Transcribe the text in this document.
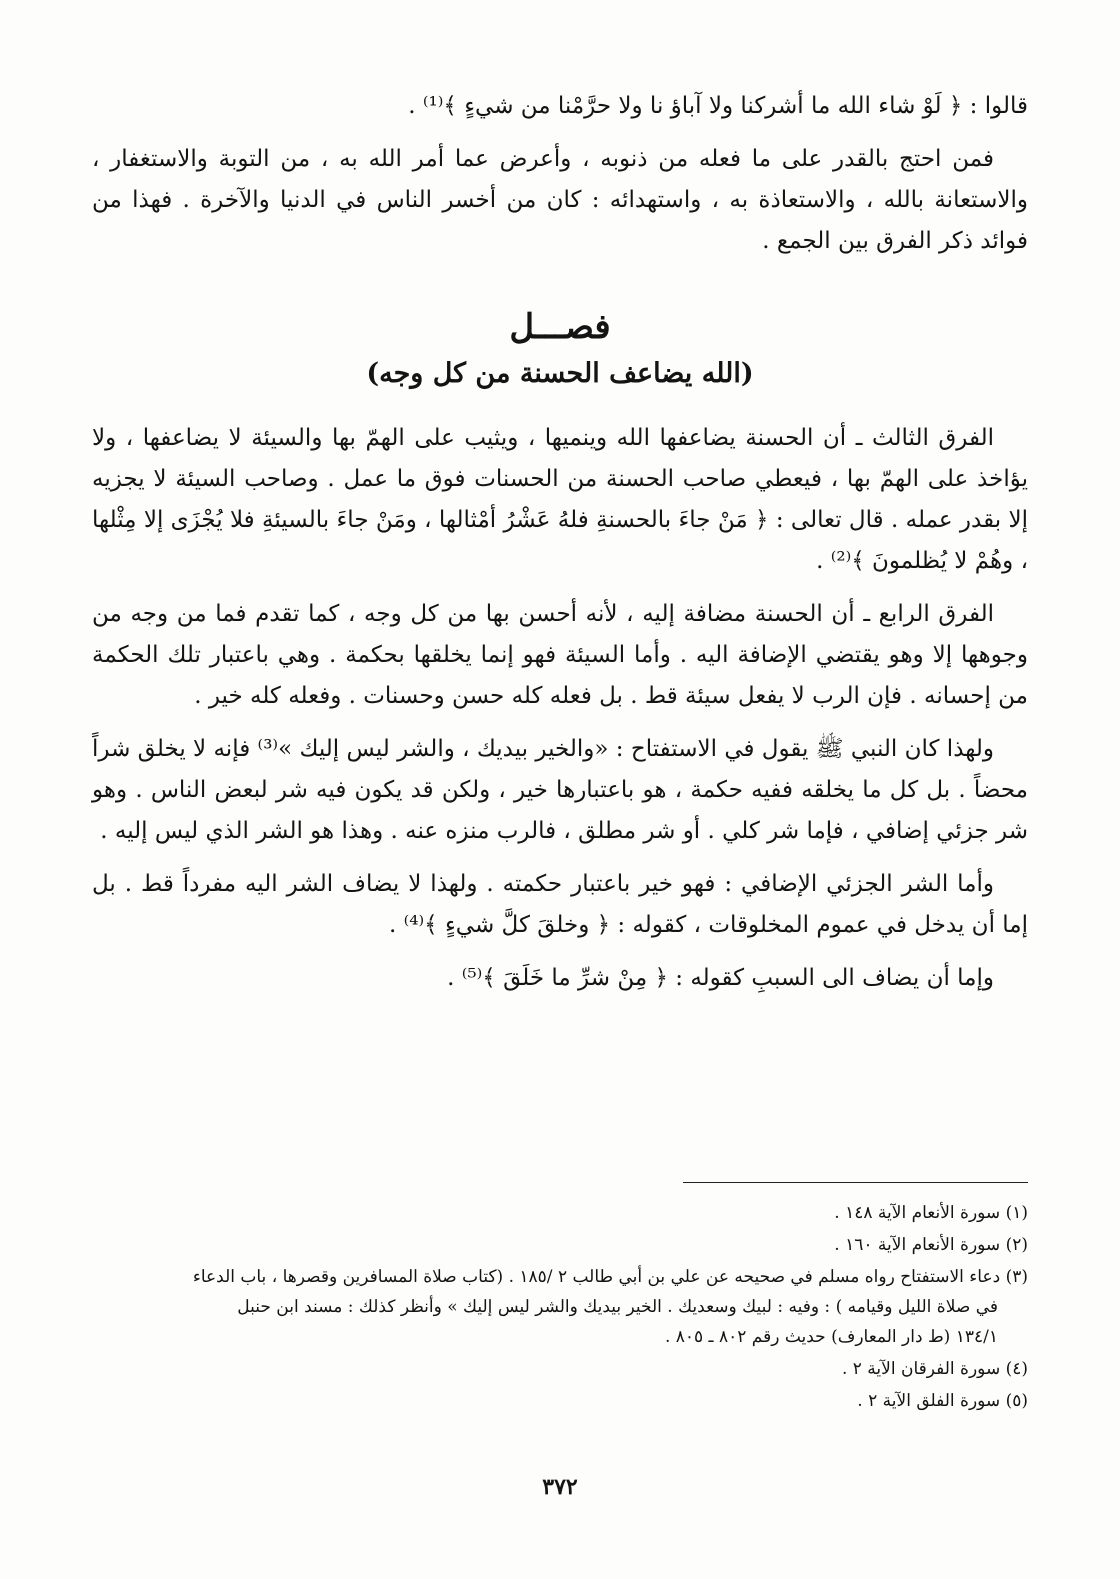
قالوا : ﴿ لَوْ شاء الله ما أشركنا ولا آباؤ نا ولا حرَّمْنا من شيءٍ ﴾⁽¹⁾ .

فمن احتج بالقدر على ما فعله من ذنوبه ، وأعرض عما أمر الله به ، من التوبة والاستغفار ، والاستعانة بالله ، والاستعاذة به ، واستهدائه : كان من أخسر الناس في الدنيا والآخرة . فهذا من فوائد ذكر الفرق بين الجمع .

فصـــل
(الله يضاعف الحسنة من كل وجه)

الفرق الثالث ـ أن الحسنة يضاعفها الله وينميها ، ويثيب على الهمّ بها والسيئة لا يضاعفها ، ولا يؤاخذ على الهمّ بها ، فيعطي صاحب الحسنة من الحسنات فوق ما عمل . وصاحب السيئة لا يجزيه إلا بقدر عمله . قال تعالى : ﴿ مَنْ جاءَ بالحسنةِ فلهُ عَشْرُ أمْثالها ، ومَنْ جاءَ بالسيئةِ فلا يُجْزَى إلا مِثْلها ، وهُمْ لا يُظلمونَ ﴾⁽²⁾ .

الفرق الرابع ـ أن الحسنة مضافة إليه ، لأنه أحسن بها من كل وجه ، كما تقدم فما من وجه من وجوهها إلا وهو يقتضي الإضافة اليه . وأما السيئة فهو إنما يخلقها بحكمة . وهي باعتبار تلك الحكمة من إحسانه . فإن الرب لا يفعل سيئة قط . بل فعله كله حسن وحسنات . وفعله كله خير .

ولهذا كان النبي ﷺ يقول في الاستفتاح : «والخير بيديك ، والشر ليس إليك »⁽³⁾ فإنه لا يخلق شراً محضاً . بل كل ما يخلقه ففيه حكمة ، هو باعتبارها خير ، ولكن قد يكون فيه شر لبعض الناس . وهو شر جزئي إضافي ، فإما شر كلي . أو شر مطلق ، فالرب منزه عنه . وهذا هو الشر الذي ليس إليه .

وأما الشر الجزئي الإضافي : فهو خير باعتبار حكمته . ولهذا لا يضاف الشر اليه مفرداً قط . بل إما أن يدخل في عموم المخلوقات ، كقوله : ﴿ وخلقَ كلَّ شيءٍ ﴾⁽⁴⁾ .

وإما أن يضاف الى السببِ كقوله : ﴿ مِنْ شرِّ ما خَلَقَ ﴾⁽⁵⁾ .

(١) سورة الأنعام الآية ١٤٨ .

(٢) سورة الأنعام الآية ١٦٠ .

(٣) دعاء الاستفتاح رواه مسلم في صحيحه عن علي بن أبي طالب ٢ /١٨٥ . (كتاب صلاة المسافرين وقصرها ، باب الدعاء
في صلاة الليل وقيامه ) : وفيه : لبيك وسعديك . الخير بيديك والشر ليس إليك » وأنظر كذلك : مسند ابن حنبل
١٣٤/١ (ط دار المعارف) حديث رقم ٨٠٢ ـ ٨٠٥ .

(٤) سورة الفرقان الآية ٢ .

(٥) سورة الفلق الآية ٢ .

٣٧٢
